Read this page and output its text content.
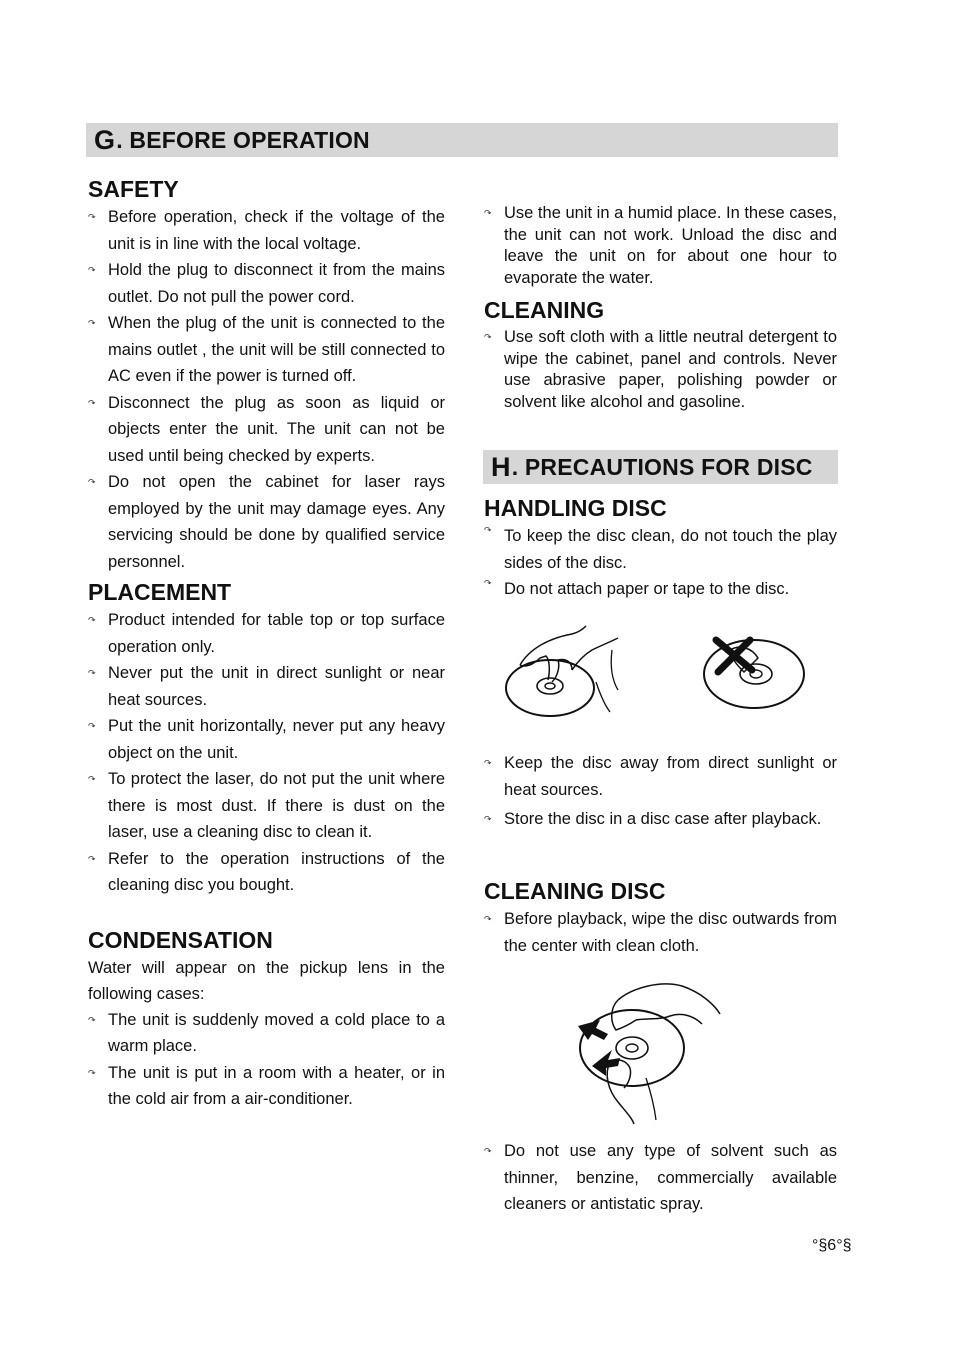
G . BEFORE OPERATION
SAFETY
↷ Before operation, check if the voltage of the unit is in line with the local voltage.
↷ Hold the plug to disconnect it from the mains outlet. Do not pull the power cord.
↷ When the plug of the unit is connected to the mains outlet , the unit will be still connected to AC even if the power is turned off.
↷ Disconnect the plug as soon as liquid or objects enter the unit. The unit can not be used until being checked by experts.
↷ Do not open the cabinet for laser rays employed by the unit may damage eyes. Any servicing should be done by qualified service personnel.
PLACEMENT
↷ Product intended for table top or top surface operation only.
↷ Never put the unit in direct sunlight or near heat sources.
↷ Put the unit horizontally, never put any heavy object on the unit.
↷ To protect the laser, do not put the unit where there is most dust. If there is dust on the laser, use a cleaning disc to clean it.
↷ Refer to the operation instructions of the cleaning disc you bought.
CONDENSATION
Water will appear on the pickup lens in the following cases:
↷ The unit is suddenly moved a cold place to a warm place.
↷ The unit is put in a room with a heater, or in the cold air from a air-conditioner.
↷ Use the unit in a humid place. In these cases, the unit can not work. Unload the disc and leave the unit on for about one hour to evaporate the water.
CLEANING
↷ Use soft cloth with a little neutral detergent to wipe the cabinet, panel and controls. Never use abrasive paper, polishing powder or solvent like alcohol and gasoline.
H . PRECAUTIONS FOR DISC
HANDLING DISC
↷ To keep the disc clean, do not touch the play sides of the disc.
↷ Do not attach paper or tape to the disc.
↷ Keep the disc away from direct sunlight or heat sources.
↷ Store the disc in a disc case after playback.
CLEANING DISC
↷ Before playback, wipe the disc outwards from the center with clean cloth.
↷ Do not use any type of solvent such as thinner, benzine, commercially available cleaners or antistatic spray.
°§6°§
